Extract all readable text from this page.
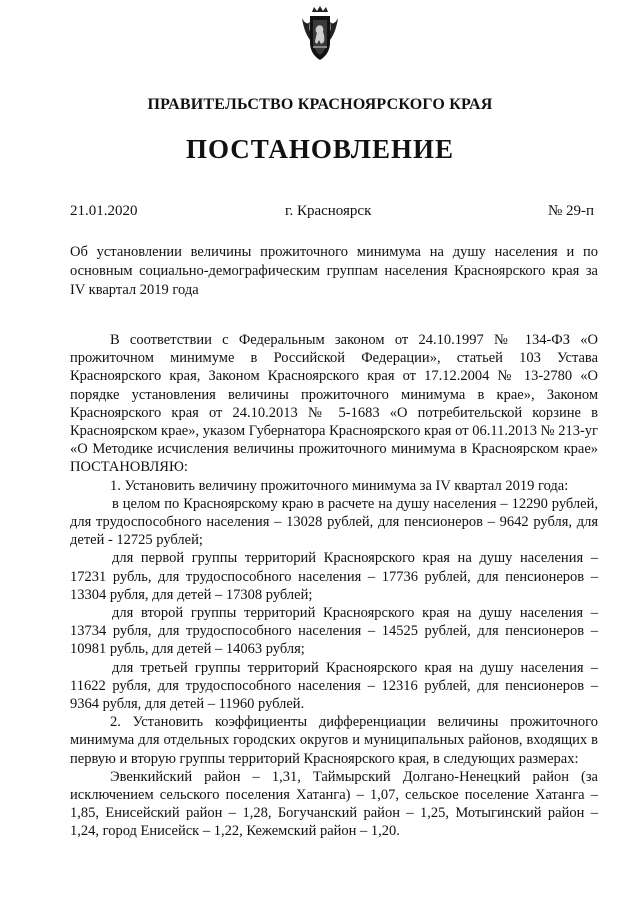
ПРАВИТЕЛЬСТВО КРАСНОЯРСКОГО КРАЯ
ПОСТАНОВЛЕНИЕ
21.01.2020	г. Красноярск	№ 29-п
Об установлении величины прожиточного минимума на душу населения и по основным социально-демографическим группам населения Красноярского края за IV квартал 2019 года

В соответствии с Федеральным законом от 24.10.1997 № 134-ФЗ «О прожиточном минимуме в Российской Федерации», статьей 103 Устава Красноярского края, Законом Красноярского края от 17.12.2004 № 13-2780 «О порядке установления величины прожиточного минимума в крае», Законом Красноярского края от 24.10.2013 № 5-1683 «О потребительской корзине в Красноярском крае», указом Губернатора Красноярского края от 06.11.2013 № 213-уг «О Методике исчисления величины прожиточного минимума в Красноярском крае» ПОСТАНОВЛЯЮ:

1. Установить величину прожиточного минимума за IV квартал 2019 года:

в целом по Красноярскому краю в расчете на душу населения – 12290 рублей, для трудоспособного населения – 13028 рублей, для пенсионеров – 9642 рубля, для детей - 12725 рублей;

для первой группы территорий Красноярского края на душу населения – 17231 рубль, для трудоспособного населения – 17736 рублей, для пенсионеров – 13304 рубля, для детей – 17308 рублей;

для второй группы территорий Красноярского края на душу населения – 13734 рубля, для трудоспособного населения – 14525 рублей, для пенсионеров – 10981 рубль, для детей – 14063 рубля;

для третьей группы территорий Красноярского края на душу населения – 11622 рубля, для трудоспособного населения – 12316 рублей, для пенсионеров – 9364 рубля, для детей – 11960 рублей.

2. Установить коэффициенты дифференциации величины прожиточного минимума для отдельных городских округов и муниципальных районов, входящих в первую и вторую группы территорий Красноярского края, в следующих размерах:

Эвенкийский район – 1,31, Таймырский Долгано-Ненецкий район (за исключением сельского поселения Хатанга) – 1,07, сельское поселение Хатанга – 1,85, Енисейский район – 1,28, Богучанский район – 1,25, Мотыгинский район – 1,24, город Енисейск – 1,22, Кежемский район – 1,20.
